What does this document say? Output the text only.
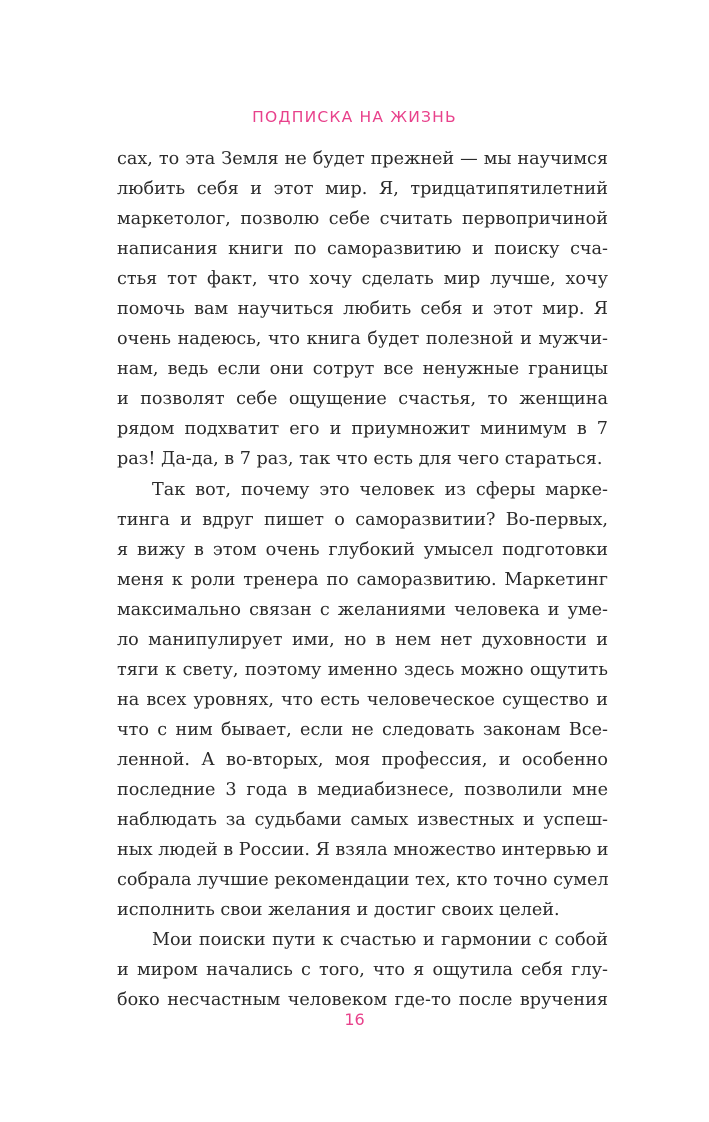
ПОДПИСКА НА ЖИЗНЬ
сах, то эта Земля не будет прежней — мы научимся
любить себя и этот мир. Я, тридцатипятилетний
маркетолог, позволю себе считать первопричиной
написания книги по саморазвитию и поиску сча-
стья тот факт, что хочу сделать мир лучше, хочу
помочь вам научиться любить себя и этот мир. Я
очень надеюсь, что книга будет полезной и мужчи-
нам, ведь если они сотрут все ненужные границы
и позволят себе ощущение счастья, то женщина
рядом подхватит его и приумножит минимум в 7
раз! Да-да, в 7 раз, так что есть для чего стараться.
Так вот, почему это человек из сферы марке-
тинга и вдруг пишет о саморазвитии? Во-первых,
я вижу в этом очень глубокий умысел подготовки
меня к роли тренера по саморазвитию. Маркетинг
максимально связан с желаниями человека и уме-
ло манипулирует ими, но в нем нет духовности и
тяги к свету, поэтому именно здесь можно ощутить
на всех уровнях, что есть человеческое существо и
что с ним бывает, если не следовать законам Все-
ленной. А во-вторых, моя профессия, и особенно
последние 3 года в медиабизнесе, позволили мне
наблюдать за судьбами самых известных и успеш-
ных людей в России. Я взяла множество интервью и
собрала лучшие рекомендации тех, кто точно сумел
исполнить свои желания и достиг своих целей.
Мои поиски пути к счастью и гармонии с собой
и миром начались с того, что я ощутила себя глу-
боко несчастным человеком где-то после вручения
16
